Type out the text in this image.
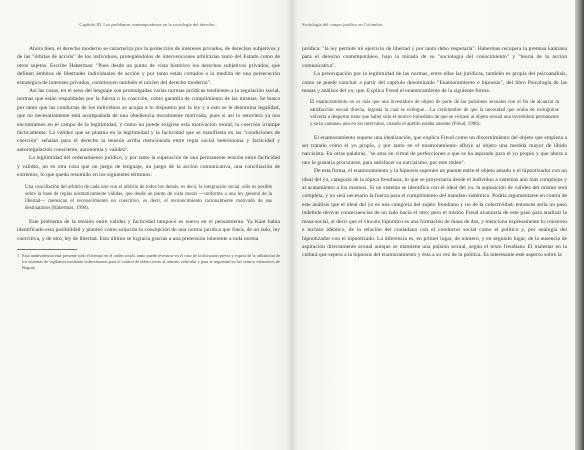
Capítulo III. Los problemas contemporáneos en la sociología del derecho...

Ahora bien, el derecho moderno se caracteriza por la protección de intereses privados, de derechos subjetivos y de las "órbitas de acción" de los individuos, protegiéndolos de intervenciones arbitrarias tanto del Estado como de otros sujetos. Escribe Habermas: "Pues desde un punto de vista histórico los derechos subjetivos privados, que definen ámbitos de libertades individuales de acción y por tanto están cortados a la medida de una persecución estratégica de intereses privados, constituyen también el núcleo del derecho moderno".

Así las cosas, en el seno del lenguaje son promulgadas varias normas jurídicas tendientes a la regulación social, normas que están respaldadas por la fuerza o la coacción, como garantía de cumplimiento de las mismas. Se busca por tanto que las conductas de los individuos se acojan a lo dispuesto por la ley y a esto se le denomina legalidad, que no necesariamente está acompañada de una obediencia moralmente motivada, pues si así lo estuviera ya nos encontramos en el campo de la legitimidad, y como no puede exigirse esta motivación moral, la coerción irrumpe fácticamente. La validez que se plasma en la legitimidad y la facticidad que se manifiesta en las "condiciones de coerción" señalan para el derecho la tensión arriba mencionada entre regla social heterónoma y facticidad y autorregulación consciente, autonomía y validez¹.

La legitimidad del ordenamiento jurídico, y por tanto la superación de una permanente tensión entre facticidad y validez, no es otra cosa que un juego de lenguaje, un juego de la acción comunicativa, una conciliación de extremos, lo que queda resumido en los siguientes términos:

Una conciliación del arbitrio de cada uno con el arbitrio de todos los demás, es decir, la integración social, sólo es posible sobre la base de reglas normativamente válidas, que desde un punto de vista moral —conforme a una ley general de la libertad— merezcan el reconocimiento no coercitivo, es decir, el reconocimiento racionalmente motivado de sus destinatarios (Habermas, 1998).

Este problema de la tensión entre validez y facticidad tampoco es nuevo en el pensamiento. Ya Kant había identificado esta posibilidad y planteó como solución la concepción de una norma jurídica que fuera, de un lado, ley coercitiva, y de otro, ley de libertad. Esto último se lograría gracias a una pretensión inherente a toda norma

1 Esta ambivalencia está presente todo el tiempo en el orden social, tanto puede revelarse en el caso de la discusión previa y expost de la utilización de los sistemas de vigilancia mediante videocámaras para el control de infracciones al tránsito vehicular y para la seguridad en los centros educativos de Bogotá.
Sociología del campo jurídico en Colombia

jurídica: "la ley permite mi ejercicio de libertad y por tanto debo respetarla". Habermas recupera la premisa kantiana para el derecho contemporáneo, bajo la mirada de su "sociología del conocimiento" y "teoría de la acción comunicativa".

La preocupación por la legitimidad de las normas, entre ellas las jurídicas, también es propia del psicoanálisis, como se puede concluir a partir del capítulo denominado "Enamoramiento e hipnosis", del libro Psicología de las masas y análisis del yo, que, Explica Freud el enamoramiento de la siguiente forma:

El enamoramiento no es más que una investidura de objeto de parte de las pulsiones sexuales con el fin de alcanzar la satisfacción sexual directa, lograda la cual se extingue... La certidumbre de que la necesidad que acaba de extinguirse volvería a despertar tiene que haber sido el motivo inmediato de que se volcase al objeto sexual una investidura permanente y se la «amase» aun en los intervalos, cuando el apetito estaba ausente (Freud, 1996).

El enamoramiento supone una idealización, que explica Freud como un discernimiento del objeto que empieza a ser tratado como el yo propio, y por tanto en el enamoramiento afluye al objeto una medida mayor de libido narcisista. En otras palabras, "se ama en virtud de perfecciones a que se ha aspirado para el yo propio y que ahora a uno le gustaría procurarse, para satisfacer su narcisismo, por este rodeo".

De esta forma, el enamoramiento y la hipnosis suponen un puente entre el objeto amado o el hipnotizador con un ideal del yo, categoría de la tópica freudiana, lo que se proyectaría desde el individuo a sistemas aún más complejos y al acatamiento a los mismos. Si un sistema se identifica con el ideal del yo, la suposición de validez del mismo será completa, y no será necesario la fuerza para el cumplimiento del mandato sistémico. Podría argumentarse en contra de este análisis que el ideal del yo es una categoría del sujeto freudiano y no de la colectividad, entonces sería un paso indebido derivar consecuencias de un lado hacia el otro; pero el mismo Freud avanzaría de este paso para analizar la masa social, al decir que el vínculo hipnótico es una formación de masa de dos, y menciona expresamente lo concerno e incluso idéntico, de la relación del ciudadano con el conductor social como el político y, por analogía del hipnotizador con el hipnotizado. La diferencia es, en primer lugar, de número, y en segundo lugar, de la ausencia de aspiración directamente sexual aunque se mantiene una pulsión sexual, según el texto freudiano El malestar en la cultura que sepera a la hipnosis del enamoramiento y ésta a su vez de la política. Es interesante este aspecto sobre la
